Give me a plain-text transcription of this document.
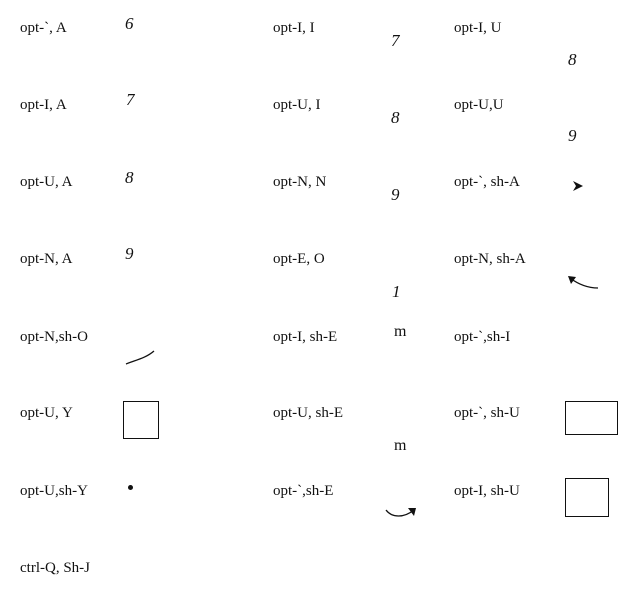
opt-`, A
opt-I, A
opt-U, A
opt-N, A
opt-N,sh-O
opt-U, Y
opt-U,sh-Y
ctrl-Q, Sh-J
6
7
8
9
opt-I, I
opt-U, I
opt-N, N
opt-E, O
opt-I, sh-E
opt-U, sh-E
opt-`,sh-E
7
8
9
1
m
m
opt-I, U
opt-U,U
opt-`, sh-A
opt-N, sh-A
opt-`,sh-I
opt-`, sh-U
opt-I, sh-U
8
9
